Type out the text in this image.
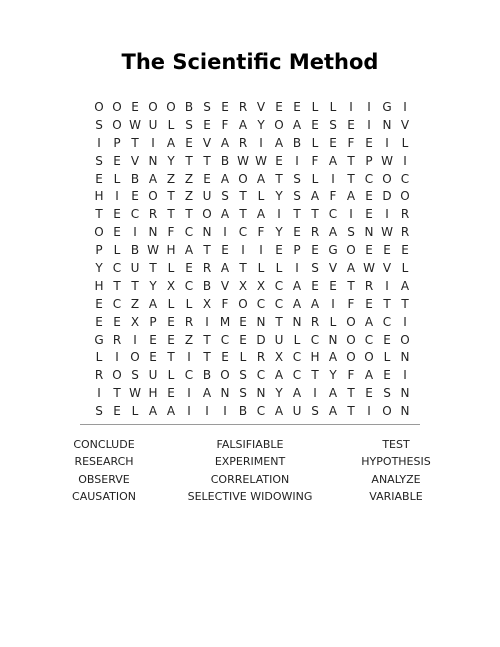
The Scientific Method
O O E O O B S E R V E E L L	I	I G I
S O W U L S E F A Y O A E S E	I N V
I	P T	I	A E V A R	I	A B L E F E	I	L
S E V N Y T T B W W E	I	F A T P W I
E L B A Z Z E A O A T S L	I	T C O C
H I	E O T Z U S T L Y S A F A E D O
T E C R T T O A T A	I	T T C	I	E	I	R
O E	I N F C N I	C F Y E R A S N W R
P L B W H A T E	I	I	E P E G O E E E
Y C U T L E R A T L L	I	S V A W V L
H T T Y X C B V X X C A E E T R	I	A
E C Z A L L X F O C C A A	I	F E T T
E E X P E R	I M E N T N R L O A C	I
G R	I	E E Z T C E D U L C N O C E O
L	I O E T	I	T E L R X C H A O O L N
R O S U L C B O S C A C T Y F A E	I
I	T W H E	I	A N S N Y A	I	A T E S N
S E L A A	I	I	I	B C A U S A T	I O N
CONCLUDE	FALSIFIABLE	TEST
RESEARCH	EXPERIMENT	HYPOTHESIS
OBSERVE	CORRELATION	ANALYZE
CAUSATION	SELECTIVE WIDOWING	VARIABLE
